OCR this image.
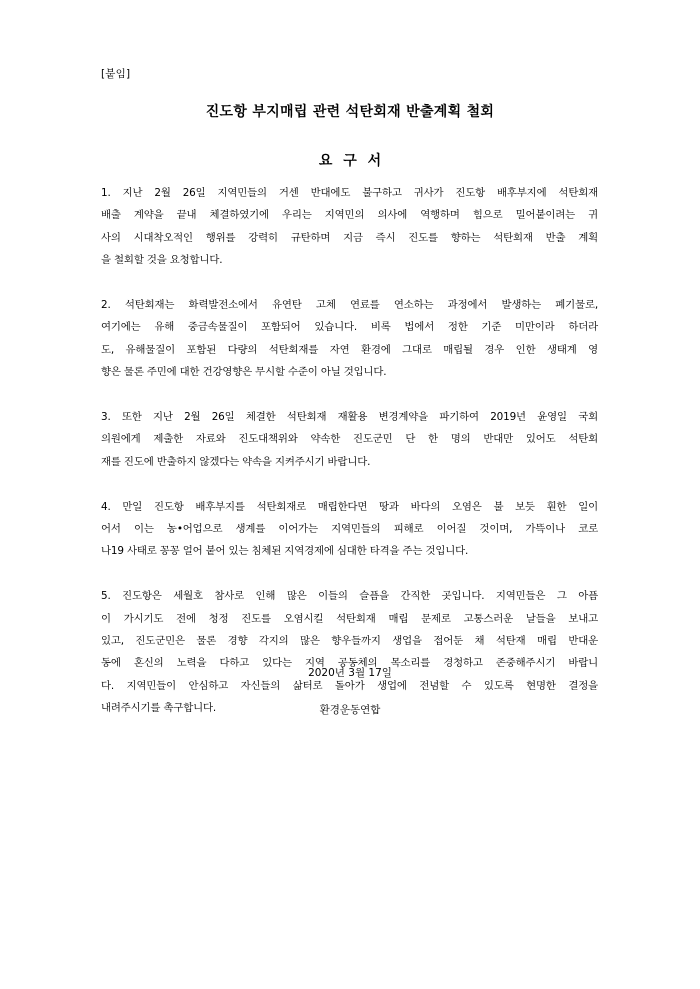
[붙임]
진도항 부지매립 관련 석탄회재 반출계획 철회
요 구 서
1. 지난 2월 26일 지역민들의 거센 반대에도 불구하고 귀사가 진도항 배후부지에 석탄회재
배출 계약을 끝내 체결하였기에 우리는 지역민의 의사에 역행하며 힘으로 밀어붙이려는 귀
사의 시대착오적인 행위를 강력히 규탄하며 지금 즉시 진도를 향하는 석탄회재 반출 계획
을 철회할 것을 요청합니다.
2. 석탄회재는 화력발전소에서 유연탄 고체 연료를 연소하는 과정에서 발생하는 폐기물로,
여기에는 유해 중금속물질이 포함되어 있습니다. 비록 법에서 정한 기준 미만이라 하더라
도, 유해물질이 포함된 다량의 석탄회재를 자연 환경에 그대로 매립될 경우 인한 생태계 영
향은 물론 주민에 대한 건강영향은 무시할 수준이 아닐 것입니다.
3. 또한 지난 2월 26일 체결한 석탄회재 재활용 변경계약을 파기하여 2019년 윤영일 국회
의원에게 제출한 자료와 진도대책위와 약속한 진도군민 단 한 명의 반대만 있어도 석탄회
재를 진도에 반출하지 않겠다는 약속을 지켜주시기 바랍니다.
4. 만일 진도항 배후부지를 석탄회재로 매립한다면 땅과 바다의 오염은 불 보듯 훤한 일이
어서 이는 농•어업으로 생계를 이어가는 지역민들의 피해로 이어질 것이며, 가뜩이나 코로
나19 사태로 꽁꽁 얼어 붙어 있는 침체된 지역경제에 심대한 타격을 주는 것입니다.
5. 진도항은 세월호 참사로 인해 많은 이들의 슬픔을 간직한 곳입니다. 지역민들은 그 아픔
이 가시기도 전에 청정 진도를 오염시킬 석탄회재 매립 문제로 고통스러운 날들을 보내고
있고, 진도군민은 물론 경향 각지의 많은 향우들까지 생업을 접어둔 채 석탄재 매립 반대운
동에 혼신의 노력을 다하고 있다는 지역 공동체의 목소리를 경청하고 존중해주시기 바랍니
다. 지역민들이 안심하고 자신들의 삶터로 돌아가 생업에 전념할 수 있도록 현명한 결정을
내려주시기를 촉구합니다.
2020년 3월 17일
환경운동연합
